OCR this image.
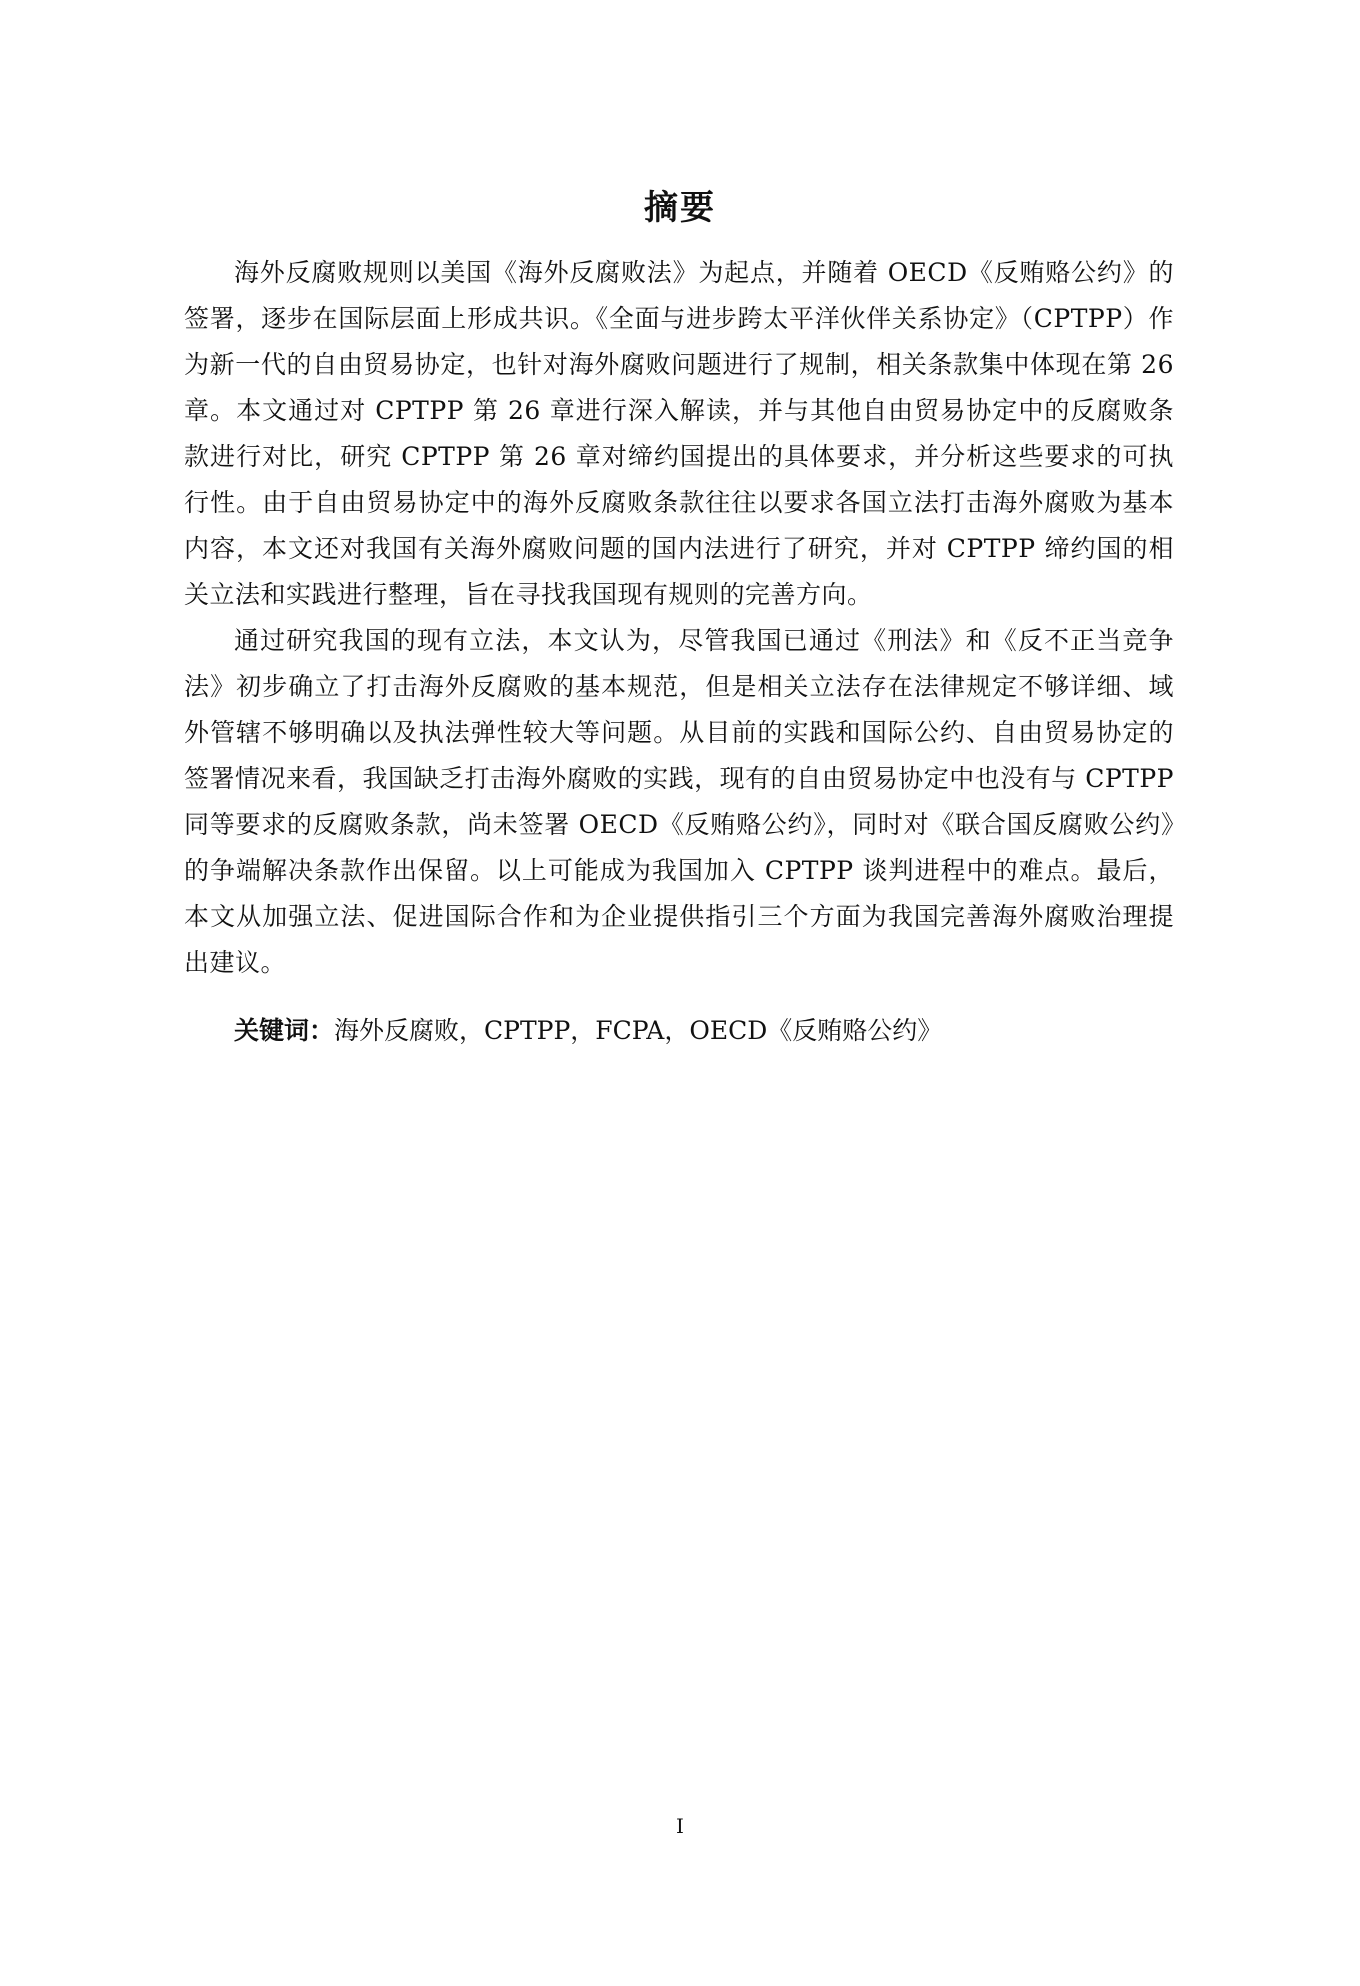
摘要

海外反腐败规则以美国《海外反腐败法》为起点，并随着 OECD《反贿赂公约》的签署，逐步在国际层面上形成共识。《全面与进步跨太平洋伙伴关系协定》（CPTPP）作为新一代的自由贸易协定，也针对海外腐败问题进行了规制，相关条款集中体现在第 26 章。本文通过对 CPTPP 第 26 章进行深入解读，并与其他自由贸易协定中的反腐败条款进行对比，研究 CPTPP 第 26 章对缔约国提出的具体要求，并分析这些要求的可执行性。由于自由贸易协定中的海外反腐败条款往往以要求各国立法打击海外腐败为基本内容，本文还对我国有关海外腐败问题的国内法进行了研究，并对 CPTPP 缔约国的相关立法和实践进行整理，旨在寻找我国现有规则的完善方向。

通过研究我国的现有立法，本文认为，尽管我国已通过《刑法》和《反不正当竞争法》初步确立了打击海外反腐败的基本规范，但是相关立法存在法律规定不够详细、域外管辖不够明确以及执法弹性较大等问题。从目前的实践和国际公约、自由贸易协定的签署情况来看，我国缺乏打击海外腐败的实践，现有的自由贸易协定中也没有与 CPTPP 同等要求的反腐败条款，尚未签署 OECD《反贿赂公约》，同时对《联合国反腐败公约》的争端解决条款作出保留。以上可能成为我国加入 CPTPP 谈判进程中的难点。最后，本文从加强立法、促进国际合作和为企业提供指引三个方面为我国完善海外腐败治理提出建议。

关键词：海外反腐败，CPTPP，FCPA，OECD《反贿赂公约》

I
